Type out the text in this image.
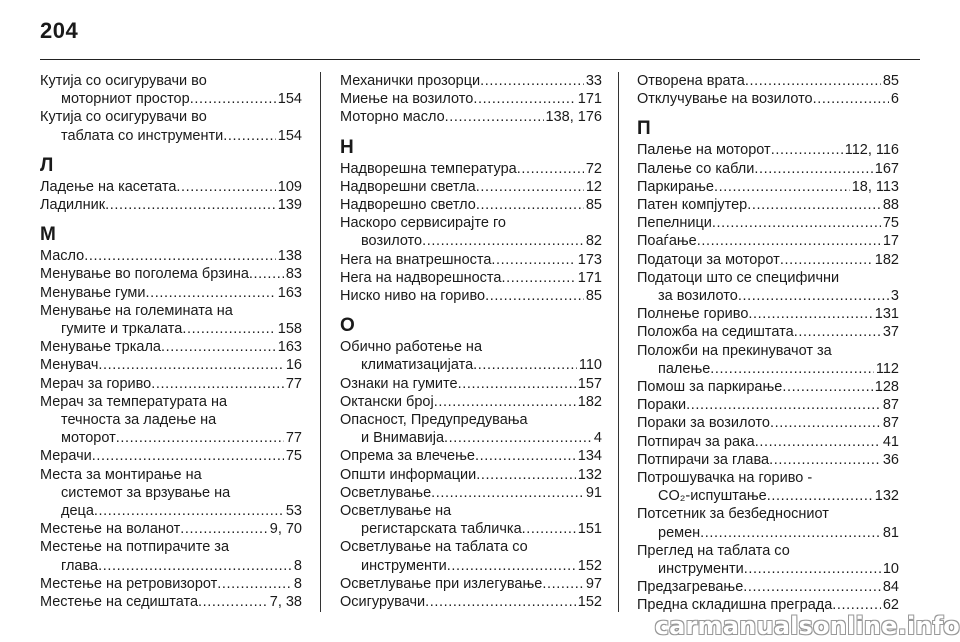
204
Кутија со осигурувачи во
моторниот простор .....	154
Кутија со осигурувачи во
таблата со инструменти .....	154
Л
Ладење на касетата .....	109
Ладилник .....	139
М
Масло .....	138
Менување во поголема брзина .....	83
Менување гуми .....	163
Менување на големината на
гумите и тркалата .....	158
Менување тркала .....	163
Менувач .....	16
Мерач за гориво .....	77
Мерач за температурата на
течноста за ладење на
моторот .....	77
Мерачи .....	75
Места за монтирање на
системот за врзување на
деца .....	53
Местење на воланот .....	9, 70
Местење на потпирачите за
глава .....	8
Местење на ретровизорот .....	8
Местење на седиштата .....	7, 38
Механички прозорци .....	33
Миење на возилото .....	171
Моторно масло .....	138, 176
Н
Надворешна температура .....	72
Надворешни светла .....	12
Надворешно светло .....	85
Наскоро сервисирајте го
возилото .....	82
Нега на внатрешноста .....	173
Нега на надворешноста .....	171
Ниско ниво на гориво .....	85
О
Обично работење на
климатизацијата .....	110
Ознаки на гумите .....	157
Октански број .....	182
Опасност, Предупредувања
и Внимавија .....	4
Опрема за влечење .....	134
Општи информации .....	132
Осветлување .....	91
Осветлување на
регистарската табличка .....	151
Осветлување на таблата со
инструменти .....	152
Осветлување при излегување .....	97
Осигурувачи .....	152
Отворена врата .....	85
Отклучување на возилото .....	6
П
Палење на моторот .....	112, 116
Палење со кабли .....	167
Паркирање .....	18, 113
Патен компјутер .....	88
Пепелници .....	75
Поаѓање .....	17
Податоци за моторот .....	182
Податоци што се специфични
за возилото .....	3
Полнење гориво .....	131
Положба на седиштата .....	37
Положби на прекинувачот за
палење .....	112
Помош за паркирање .....	128
Пораки .....	87
Пораки за возилото .....	87
Потпирач за рака .....	41
Потпирачи за глава .....	36
Потрошувачка на гориво -
CO₂-испуштање .....	132
Потсетник за безбедносниот
ремен .....	81
Преглед на таблата со
инструменти .....	10
Предзагревање .....	84
Предна складишна преграда .....	62
carmanualsonline.info
